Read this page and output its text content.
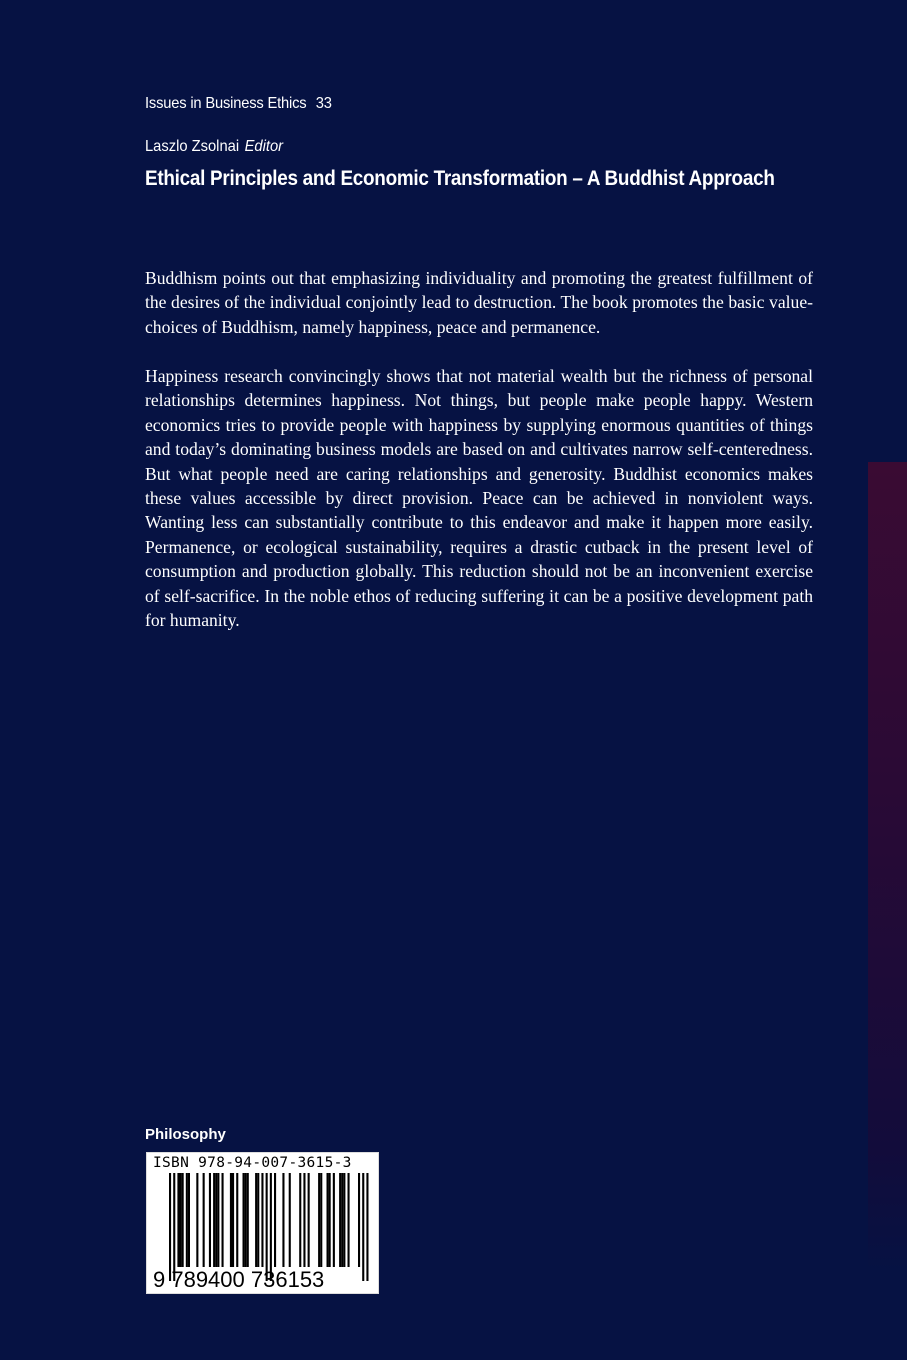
Issues in Business Ethics 33
Laszlo Zsolnai Editor
Ethical Principles and Economic Transformation – A Buddhist Approach

Buddhism points out that emphasizing individuality and promoting the greatest fulfillment of the desires of the individual conjointly lead to destruction. The book promotes the basic value-choices of Buddhism, namely happiness, peace and permanence.

Happiness research convincingly shows that not material wealth but the richness of personal relationships determines happiness. Not things, but people make people happy. Western economics tries to provide people with happiness by supplying enormous quantities of things and today’s dominating business models are based on and cultivates narrow self-centeredness. But what people need are caring relationships and generosity. Buddhist economics makes these values accessible by direct provision. Peace can be achieved in nonviolent ways. Wanting less can substantially contribute to this endeavor and make it happen more easily. Permanence, or ecological sustainability, requires a drastic cutback in the present level of consumption and production globally. This reduction should not be an inconvenient exercise of self-sacrifice. In the noble ethos of reducing suffering it can be a positive development path for humanity.

Philosophy
ISBN 978-94-007-3615-3
9 789400 736153
